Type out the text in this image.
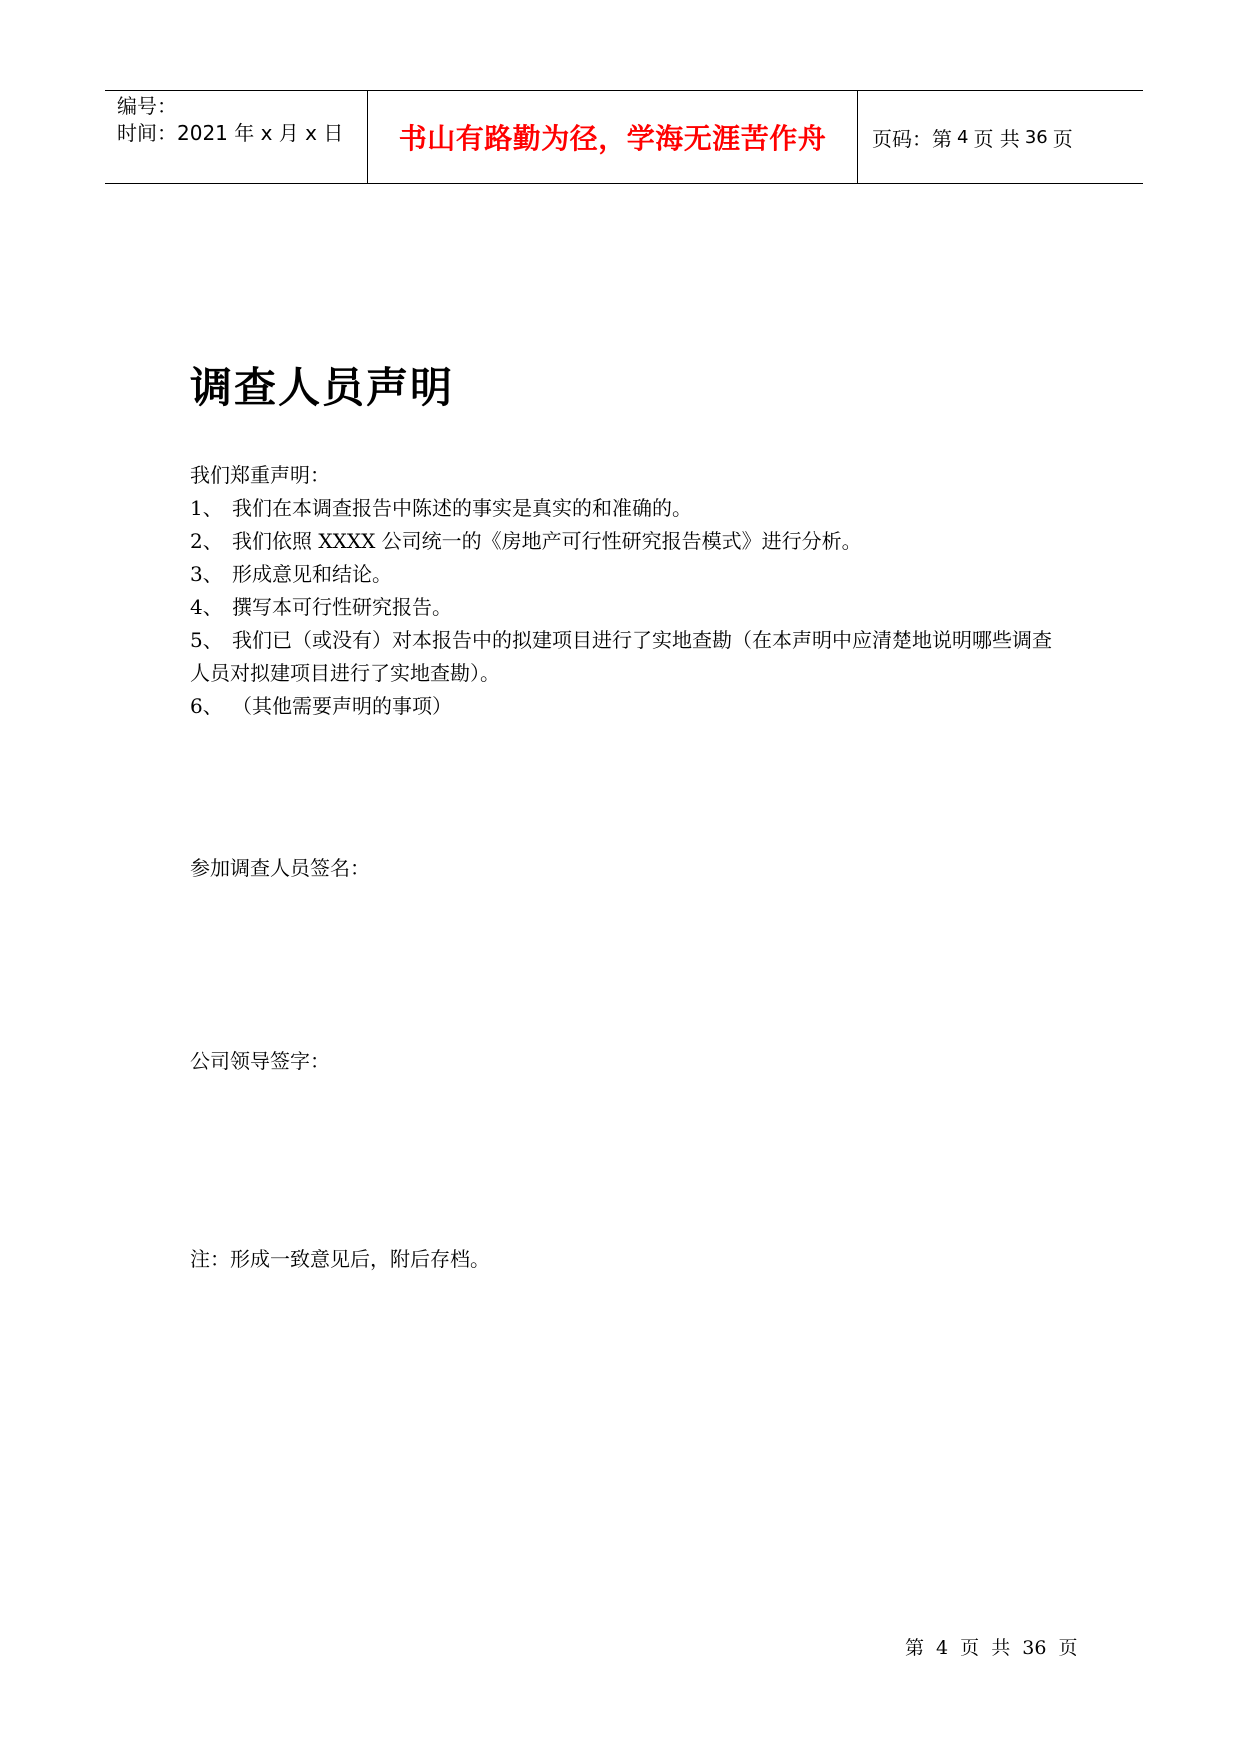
编号：
时间：2021 年 x 月 x 日	书山有路勤为径，学海无涯苦作舟	页码：第 4 页 共 36 页
调查人员声明
我们郑重声明：
1、 我们在本调查报告中陈述的事实是真实的和准确的。
2、 我们依照 XXXX 公司统一的《房地产可行性研究报告模式》进行分析。
3、 形成意见和结论。
4、 撰写本可行性研究报告。
5、 我们已（或没有）对本报告中的拟建项目进行了实地查勘（在本声明中应清楚地说明哪些调查人员对拟建项目进行了实地查勘）。
6、 （其他需要声明的事项）
参加调查人员签名：
公司领导签字：
注：形成一致意见后，附后存档。
第 4 页 共 36 页
